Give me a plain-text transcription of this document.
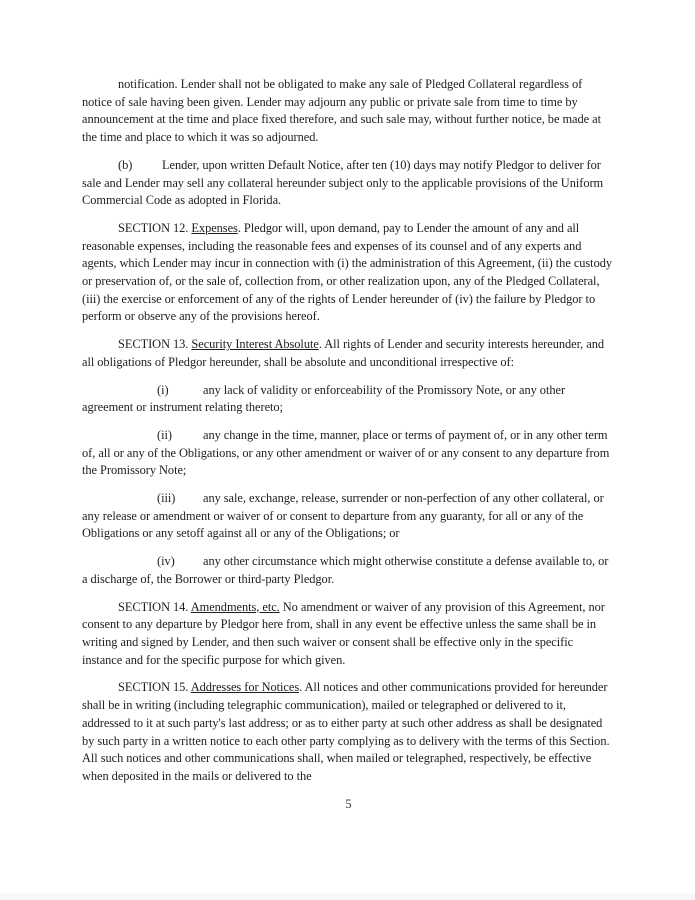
notification. Lender shall not be obligated to make any sale of Pledged Collateral regardless of notice of sale having been given. Lender may adjourn any public or private sale from time to time by announcement at the time and place fixed therefore, and such sale may, without further notice, be made at the time and place to which it was so adjourned.

(b) Lender, upon written Default Notice, after ten (10) days may notify Pledgor to deliver for sale and Lender may sell any collateral hereunder subject only to the applicable provisions of the Uniform Commercial Code as adopted in Florida.

SECTION 12. Expenses. Pledgor will, upon demand, pay to Lender the amount of any and all reasonable expenses, including the reasonable fees and expenses of its counsel and of any experts and agents, which Lender may incur in connection with (i) the administration of this Agreement, (ii) the custody or preservation of, or the sale of, collection from, or other realization upon, any of the Pledged Collateral, (iii) the exercise or enforcement of any of the rights of Lender hereunder of (iv) the failure by Pledgor to perform or observe any of the provisions hereof.

SECTION 13. Security Interest Absolute. All rights of Lender and security interests hereunder, and all obligations of Pledgor hereunder, shall be absolute and unconditional irrespective of:

(i)	any lack of validity or enforceability of the Promissory Note, or any other agreement or instrument relating thereto;

(ii)	any change in the time, manner, place or terms of payment of, or in any other term of, all or any of the Obligations, or any other amendment or waiver of or any consent to any departure from the Promissory Note;

(iii) any sale, exchange, release, surrender or non-perfection of any other collateral, or any release or amendment or waiver of or consent to departure from any guaranty, for all or any of the Obligations or any setoff against all or any of the Obligations; or

(iv) any other circumstance which might otherwise constitute a defense available to, or a discharge of, the Borrower or third-party Pledgor.

SECTION 14. Amendments, etc. No amendment or waiver of any provision of this Agreement, nor consent to any departure by Pledgor here from, shall in any event be effective unless the same shall be in writing and signed by Lender, and then such waiver or consent shall be effective only in the specific instance and for the specific purpose for which given.

SECTION 15. Addresses for Notices. All notices and other communications provided for hereunder shall be in writing (including telegraphic communication), mailed or telegraphed or delivered to it, addressed to it at such party's last address; or as to either party at such other address as shall be designated by such party in a written notice to each other party complying as to delivery with the terms of this Section. All such notices and other communications shall, when mailed or telegraphed, respectively, be effective when deposited in the mails or delivered to the

5
